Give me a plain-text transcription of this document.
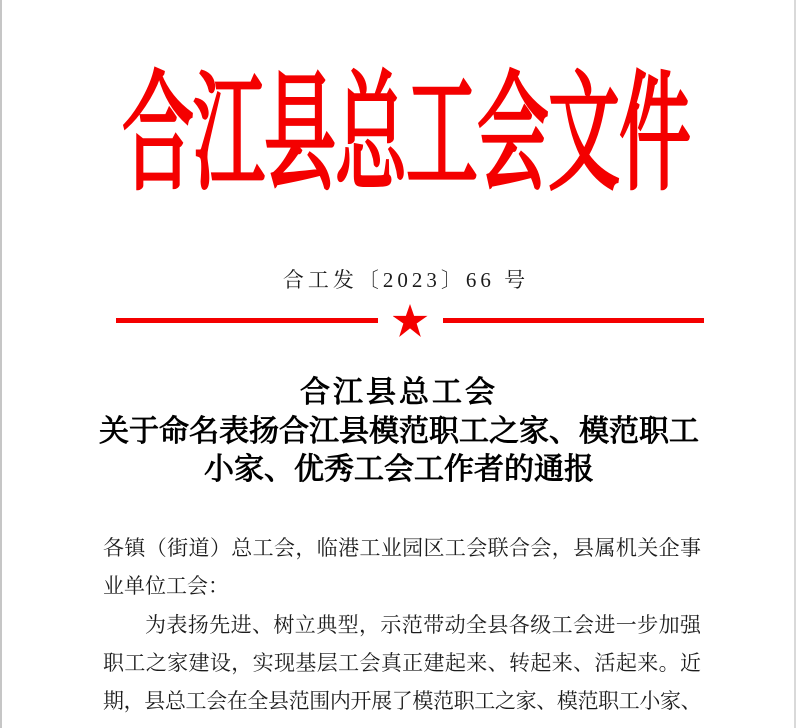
合江县总工会文件
合工发〔2023〕66 号
合江县总工会
关于命名表扬合江县模范职工之家、模范职工
小家、优秀工会工作者的通报
各镇（街道）总工会，临港工业园区工会联合会，县属机关企事
业单位工会：
为表扬先进、树立典型，示范带动全县各级工会进一步加强
职工之家建设，实现基层工会真正建起来、转起来、活起来。近
期，县总工会在全县范围内开展了模范职工之家、模范职工小家、
